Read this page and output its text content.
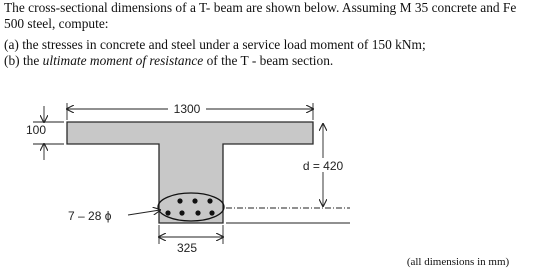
The cross-sectional dimensions of a T- beam are shown below. Assuming M 35 concrete and Fe 500 steel, compute:

(a) the stresses in concrete and steel under a service load moment of 150 kNm;

(b) the ultimate moment of resistance of the T - beam section.

1300
100
d = 420
325
7 – 28 ϕ
(all dimensions in mm)
